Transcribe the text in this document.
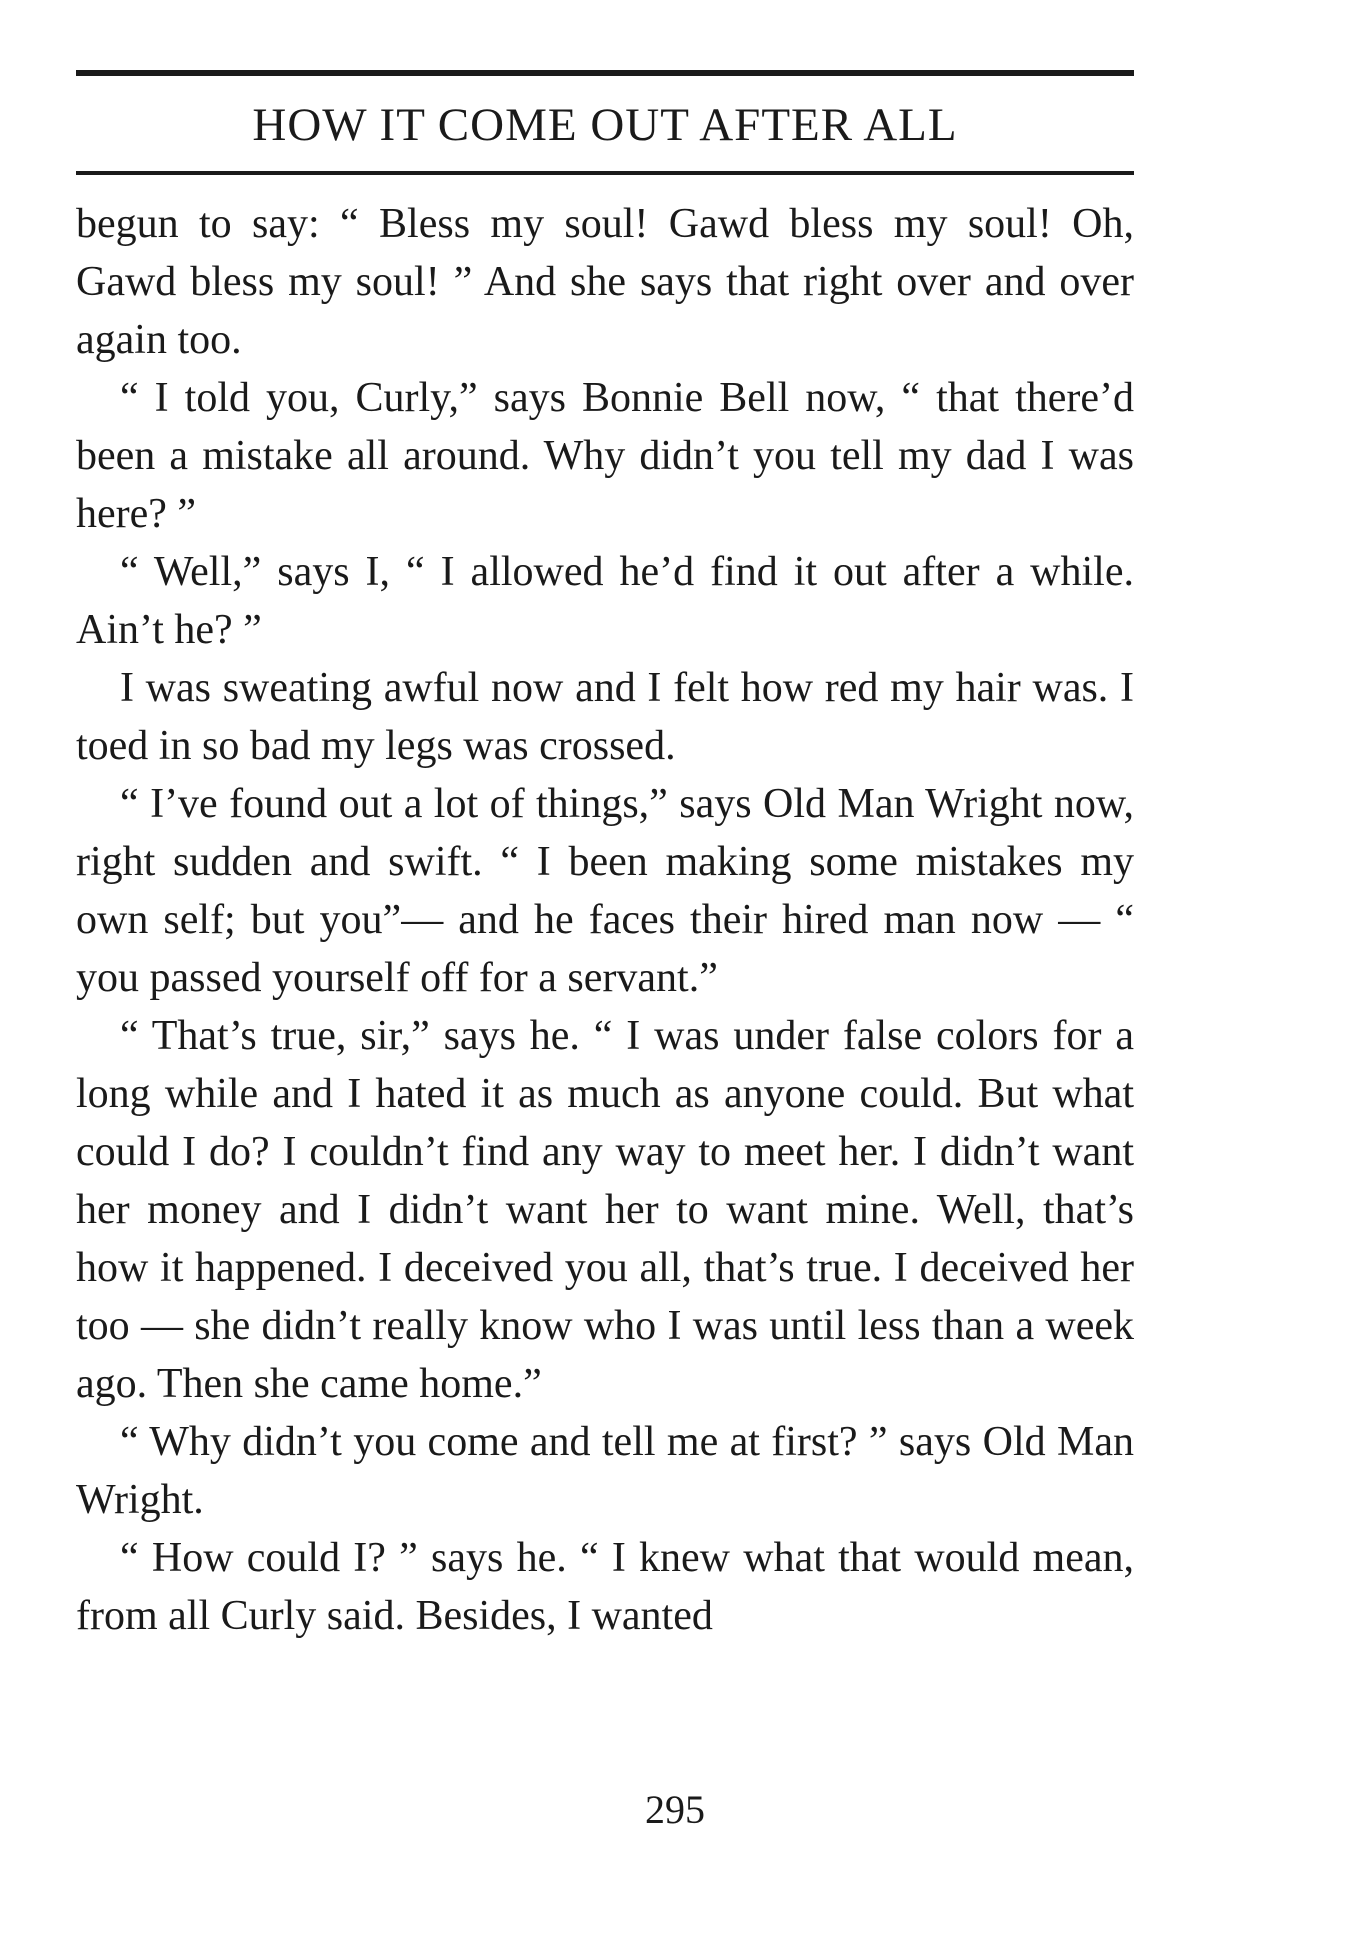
HOW IT COME OUT AFTER ALL

begun to say: “ Bless my soul! Gawd bless my soul! Oh, Gawd bless my soul! ” And she says that right over and over again too.

“ I told you, Curly,” says Bonnie Bell now, “ that there’d been a mistake all around. Why didn’t you tell my dad I was here? ”

“ Well,” says I, “ I allowed he’d find it out after a while. Ain’t he? ”

I was sweating awful now and I felt how red my hair was. I toed in so bad my legs was crossed.

“ I’ve found out a lot of things,” says Old Man Wright now, right sudden and swift. “ I been making some mistakes my own self; but you”— and he faces their hired man now — “ you passed yourself off for a servant.”

“ That’s true, sir,” says he. “ I was under false colors for a long while and I hated it as much as anyone could. But what could I do? I couldn’t find any way to meet her. I didn’t want her money and I didn’t want her to want mine. Well, that’s how it happened. I deceived you all, that’s true. I deceived her too — she didn’t really know who I was until less than a week ago. Then she came home.”

“ Why didn’t you come and tell me at first? ” says Old Man Wright.

“ How could I? ” says he. “ I knew what that would mean, from all Curly said. Besides, I wanted

295
